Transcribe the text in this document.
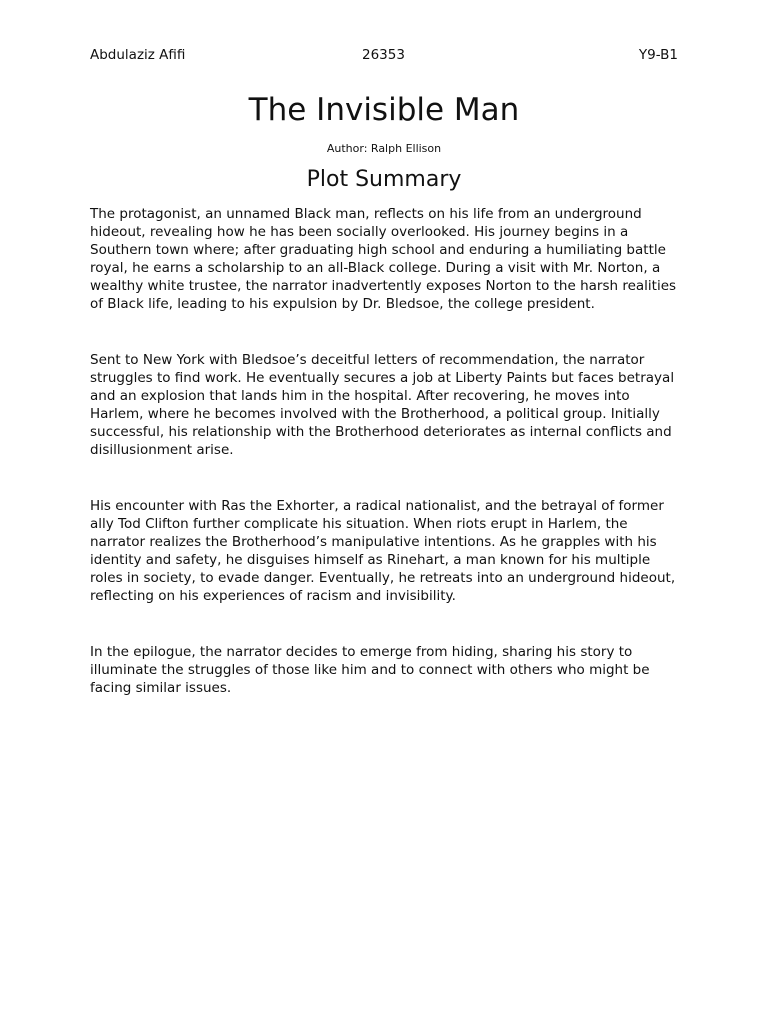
Abdulaziz Afifi	26353	Y9-B1
The Invisible Man
Author: Ralph Ellison
Plot Summary

The protagonist, an unnamed Black man, reflects on his life from an underground hideout, revealing how he has been socially overlooked. His journey begins in a Southern town where; after graduating high school and enduring a humiliating battle royal, he earns a scholarship to an all-Black college. During a visit with Mr. Norton, a wealthy white trustee, the narrator inadvertently exposes Norton to the harsh realities of Black life, leading to his expulsion by Dr. Bledsoe, the college president.

Sent to New York with Bledsoe’s deceitful letters of recommendation, the narrator struggles to find work. He eventually secures a job at Liberty Paints but faces betrayal and an explosion that lands him in the hospital. After recovering, he moves into Harlem, where he becomes involved with the Brotherhood, a political group. Initially successful, his relationship with the Brotherhood deteriorates as internal conflicts and disillusionment arise.

His encounter with Ras the Exhorter, a radical nationalist, and the betrayal of former ally Tod Clifton further complicate his situation. When riots erupt in Harlem, the narrator realizes the Brotherhood’s manipulative intentions. As he grapples with his identity and safety, he disguises himself as Rinehart, a man known for his multiple roles in society, to evade danger. Eventually, he retreats into an underground hideout, reflecting on his experiences of racism and invisibility.

In the epilogue, the narrator decides to emerge from hiding, sharing his story to illuminate the struggles of those like him and to connect with others who might be facing similar issues.
